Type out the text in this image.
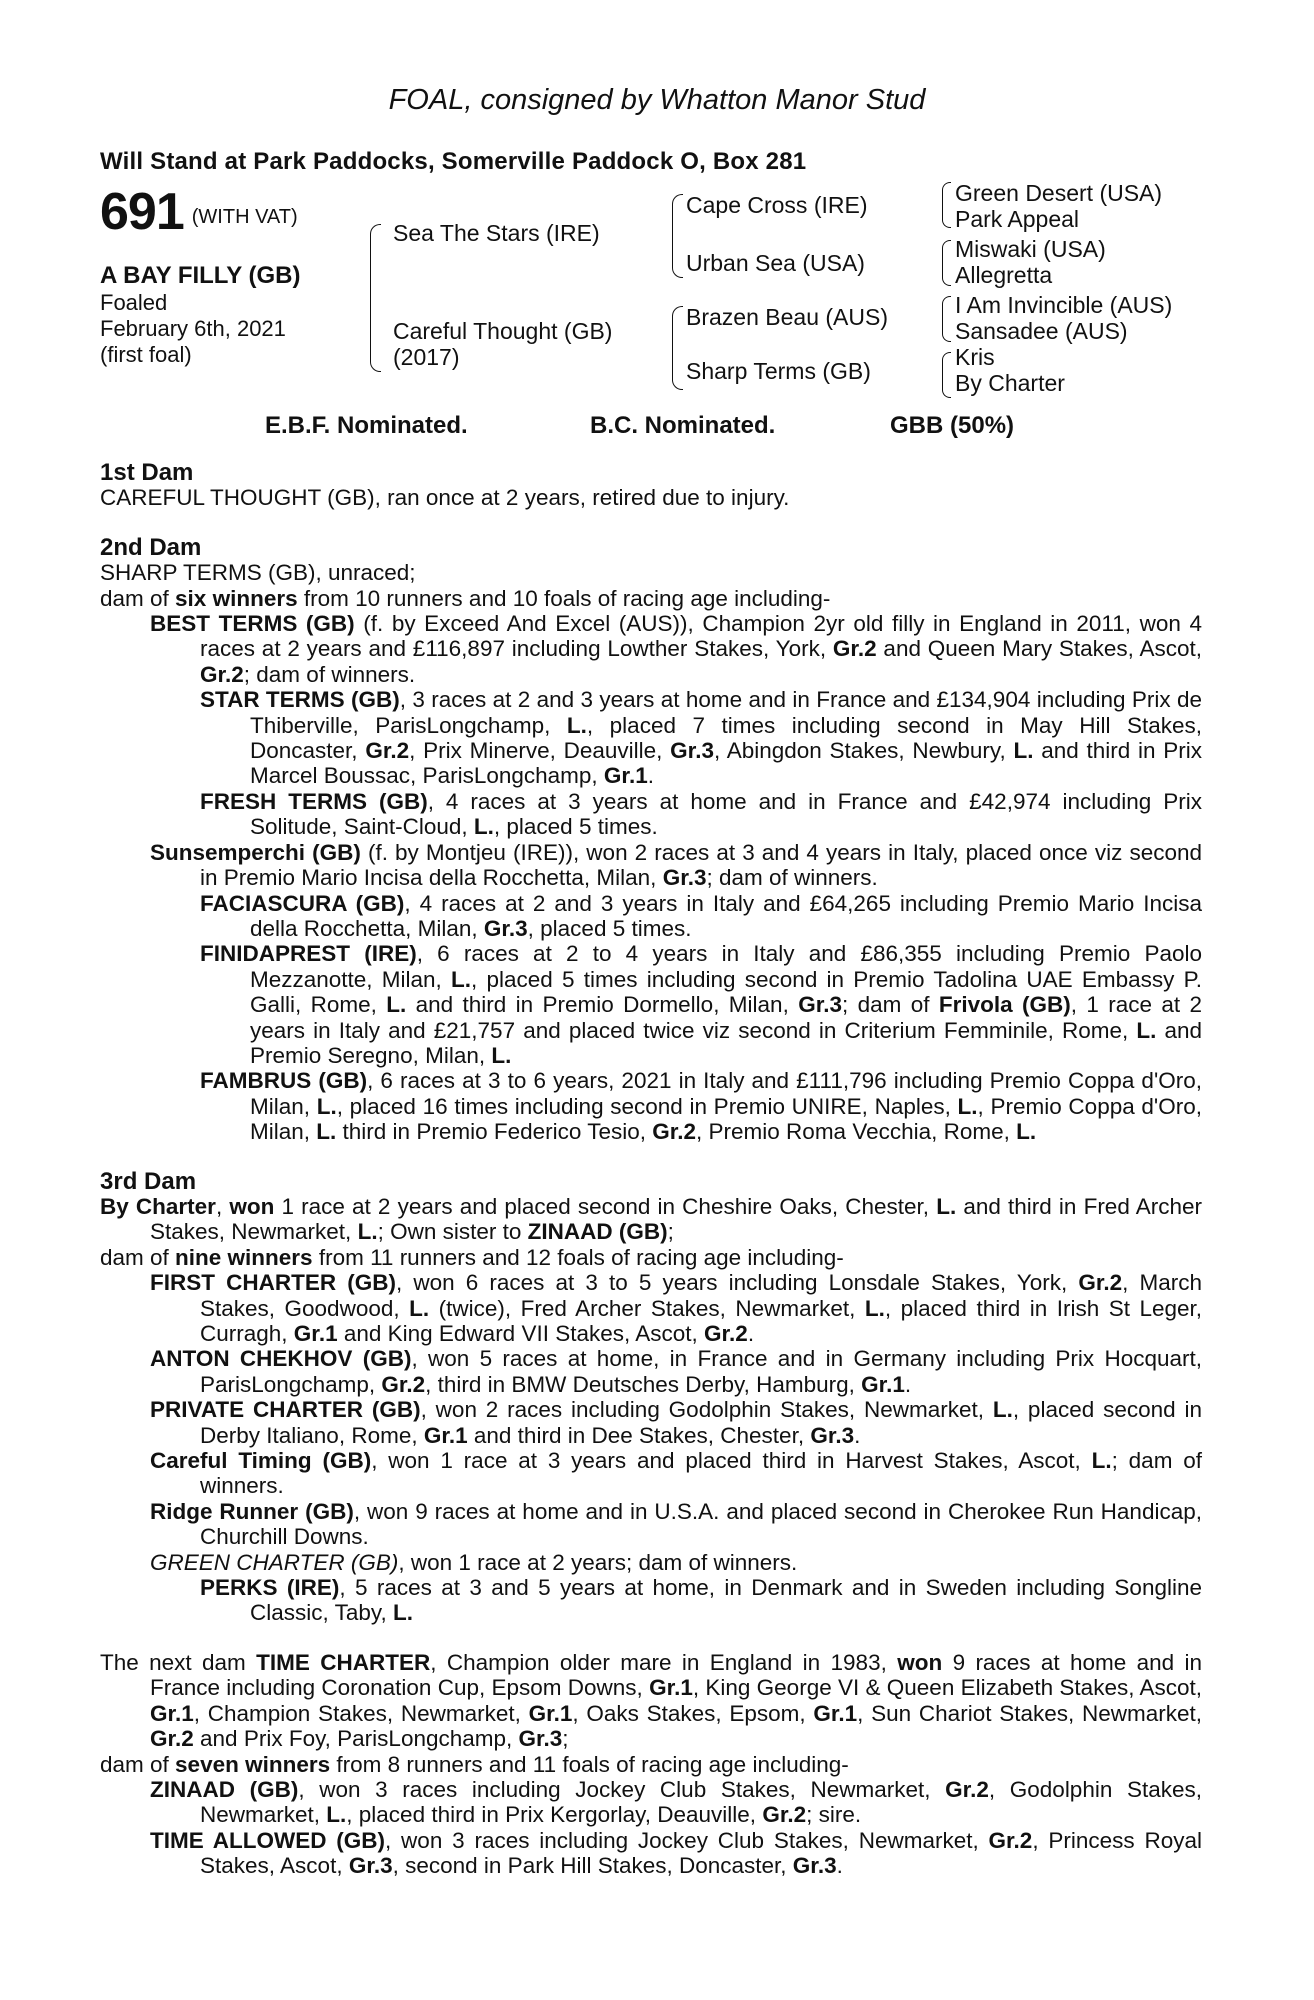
FOAL, consigned by Whatton Manor Stud
Will Stand at Park Paddocks, Somerville Paddock O, Box 281
691 (WITH VAT)
A BAY FILLY (GB)
Foaled
February 6th, 2021
(first foal)
Sea The Stars (IRE)
Careful Thought (GB)
(2017)
Cape Cross (IRE)
Urban Sea (USA)
Brazen Beau (AUS)
Sharp Terms (GB)
Green Desert (USA)
Park Appeal
Miswaki (USA)
Allegretta
I Am Invincible (AUS)
Sansadee (AUS)
Kris
By Charter
E.B.F. Nominated.	B.C. Nominated.	GBB (50%)

1st Dam

CAREFUL THOUGHT (GB), ran once at 2 years, retired due to injury.

2nd Dam

SHARP TERMS (GB), unraced;

dam of six winners from 10 runners and 10 foals of racing age including-

BEST TERMS (GB) (f. by Exceed And Excel (AUS)), Champion 2yr old filly in England in 2011, won 4 races at 2 years and £116,897 including Lowther Stakes, York, Gr.2 and Queen Mary Stakes, Ascot, Gr.2; dam of winners.

STAR TERMS (GB), 3 races at 2 and 3 years at home and in France and £134,904 including Prix de Thiberville, ParisLongchamp, L., placed 7 times including second in May Hill Stakes, Doncaster, Gr.2, Prix Minerve, Deauville, Gr.3, Abingdon Stakes, Newbury, L. and third in Prix Marcel Boussac, ParisLongchamp, Gr.1.

FRESH TERMS (GB), 4 races at 3 years at home and in France and £42,974 including Prix Solitude, Saint-Cloud, L., placed 5 times.

Sunsemperchi (GB) (f. by Montjeu (IRE)), won 2 races at 3 and 4 years in Italy, placed once viz second in Premio Mario Incisa della Rocchetta, Milan, Gr.3; dam of winners.

FACIASCURA (GB), 4 races at 2 and 3 years in Italy and £64,265 including Premio Mario Incisa della Rocchetta, Milan, Gr.3, placed 5 times.

FINIDAPREST (IRE), 6 races at 2 to 4 years in Italy and £86,355 including Premio Paolo Mezzanotte, Milan, L., placed 5 times including second in Premio Tadolina UAE Embassy P. Galli, Rome, L. and third in Premio Dormello, Milan, Gr.3; dam of Frivola (GB), 1 race at 2 years in Italy and £21,757 and placed twice viz second in Criterium Femminile, Rome, L. and Premio Seregno, Milan, L.

FAMBRUS (GB), 6 races at 3 to 6 years, 2021 in Italy and £111,796 including Premio Coppa d'Oro, Milan, L., placed 16 times including second in Premio UNIRE, Naples, L., Premio Coppa d'Oro, Milan, L. third in Premio Federico Tesio, Gr.2, Premio Roma Vecchia, Rome, L.

3rd Dam

By Charter, won 1 race at 2 years and placed second in Cheshire Oaks, Chester, L. and third in Fred Archer Stakes, Newmarket, L.; Own sister to ZINAAD (GB);

dam of nine winners from 11 runners and 12 foals of racing age including-

FIRST CHARTER (GB), won 6 races at 3 to 5 years including Lonsdale Stakes, York, Gr.2, March Stakes, Goodwood, L. (twice), Fred Archer Stakes, Newmarket, L., placed third in Irish St Leger, Curragh, Gr.1 and King Edward VII Stakes, Ascot, Gr.2.

ANTON CHEKHOV (GB), won 5 races at home, in France and in Germany including Prix Hocquart, ParisLongchamp, Gr.2, third in BMW Deutsches Derby, Hamburg, Gr.1.

PRIVATE CHARTER (GB), won 2 races including Godolphin Stakes, Newmarket, L., placed second in Derby Italiano, Rome, Gr.1 and third in Dee Stakes, Chester, Gr.3.

Careful Timing (GB), won 1 race at 3 years and placed third in Harvest Stakes, Ascot, L.; dam of winners.

Ridge Runner (GB), won 9 races at home and in U.S.A. and placed second in Cherokee Run Handicap, Churchill Downs.

GREEN CHARTER (GB), won 1 race at 2 years; dam of winners.

PERKS (IRE), 5 races at 3 and 5 years at home, in Denmark and in Sweden including Songline Classic, Taby, L.

The next dam TIME CHARTER, Champion older mare in England in 1983, won 9 races at home and in France including Coronation Cup, Epsom Downs, Gr.1, King George VI & Queen Elizabeth Stakes, Ascot, Gr.1, Champion Stakes, Newmarket, Gr.1, Oaks Stakes, Epsom, Gr.1, Sun Chariot Stakes, Newmarket, Gr.2 and Prix Foy, ParisLongchamp, Gr.3;

dam of seven winners from 8 runners and 11 foals of racing age including-

ZINAAD (GB), won 3 races including Jockey Club Stakes, Newmarket, Gr.2, Godolphin Stakes, Newmarket, L., placed third in Prix Kergorlay, Deauville, Gr.2; sire.

TIME ALLOWED (GB), won 3 races including Jockey Club Stakes, Newmarket, Gr.2, Princess Royal Stakes, Ascot, Gr.3, second in Park Hill Stakes, Doncaster, Gr.3.
